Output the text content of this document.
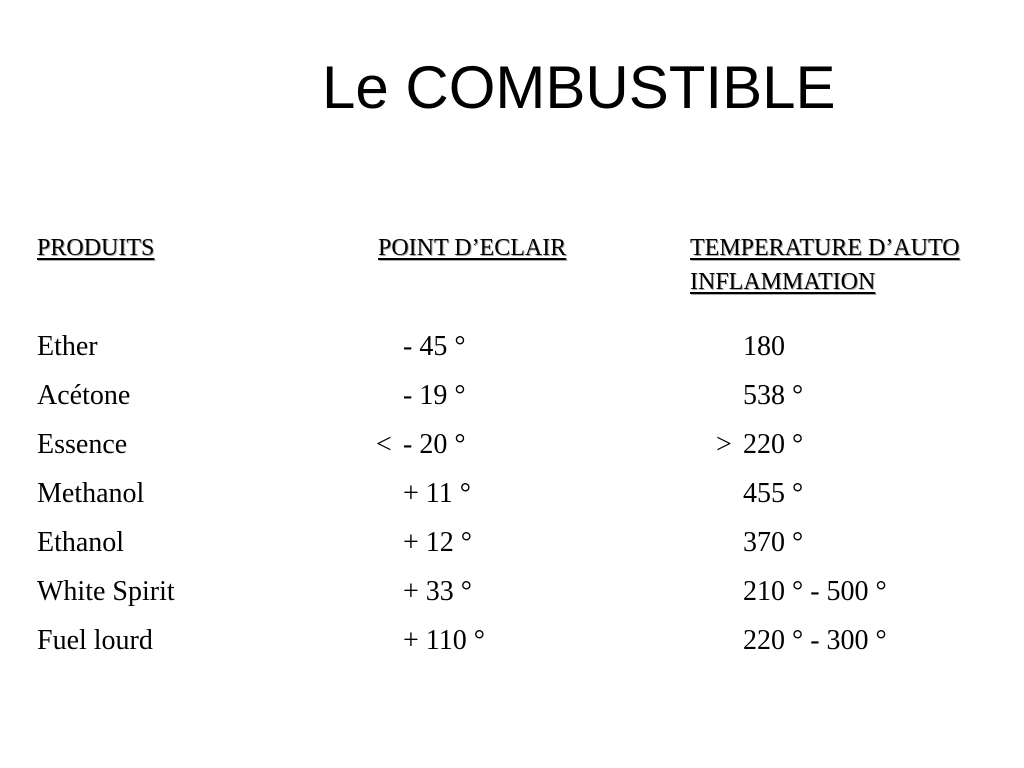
Le COMBUSTIBLE
PRODUITS	POINT D’ECLAIR	TEMPERATURE D’AUTO
INFLAMMATION
Ether	- 45 °	180
Acétone	- 19 °	538 °
Essence	< - 20 °	> 220 °
Methanol	+ 11 °	455 °
Ethanol	+ 12 °	370 °
White Spirit	+ 33 °	210 ° - 500 °
Fuel lourd	+ 110 °	220 ° - 300 °
